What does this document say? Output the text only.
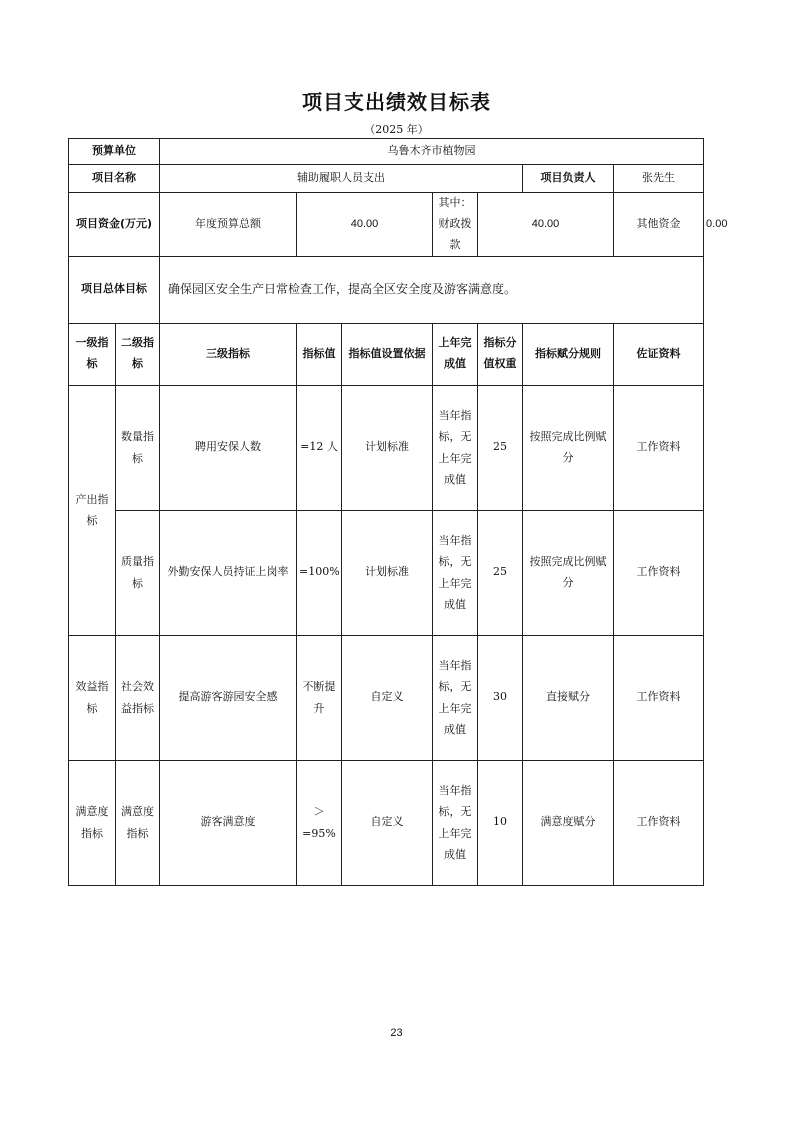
项目支出绩效目标表
（2025 年）
预算单位		乌鲁木齐市植物园							
项目名称		辅助履职人员支出					项目负责人	张先生	
项目资金(万元)		年度预算总额	40.00		其中：财政拨款	40.00		其他资金	0.00
项目总体目标		确保园区安全生产日常检查工作，提高全区安全度及游客满意度。							
一级指标	二级指标	三级指标	指标值	指标值设置依据	上年完成值	指标分值权重	指标赋分规则	佐证资料	
产出指标	数量指标	聘用安保人数	=12 人	计划标准	当年指标，无上年完成值	25	按照完成比例赋分	工作资料	
	质量指标	外勤安保人员持证上岗率	=100%	计划标准	当年指标，无上年完成值	25	按照完成比例赋分	工作资料	
效益指标	社会效益指标	提高游客游园安全感	不断提升	自定义	当年指标，无上年完成值	30	直接赋分	工作资料	
满意度指标	满意度指标	游客满意度	＞=95%	自定义	当年指标，无上年完成值	10	满意度赋分	工作资料	
23
